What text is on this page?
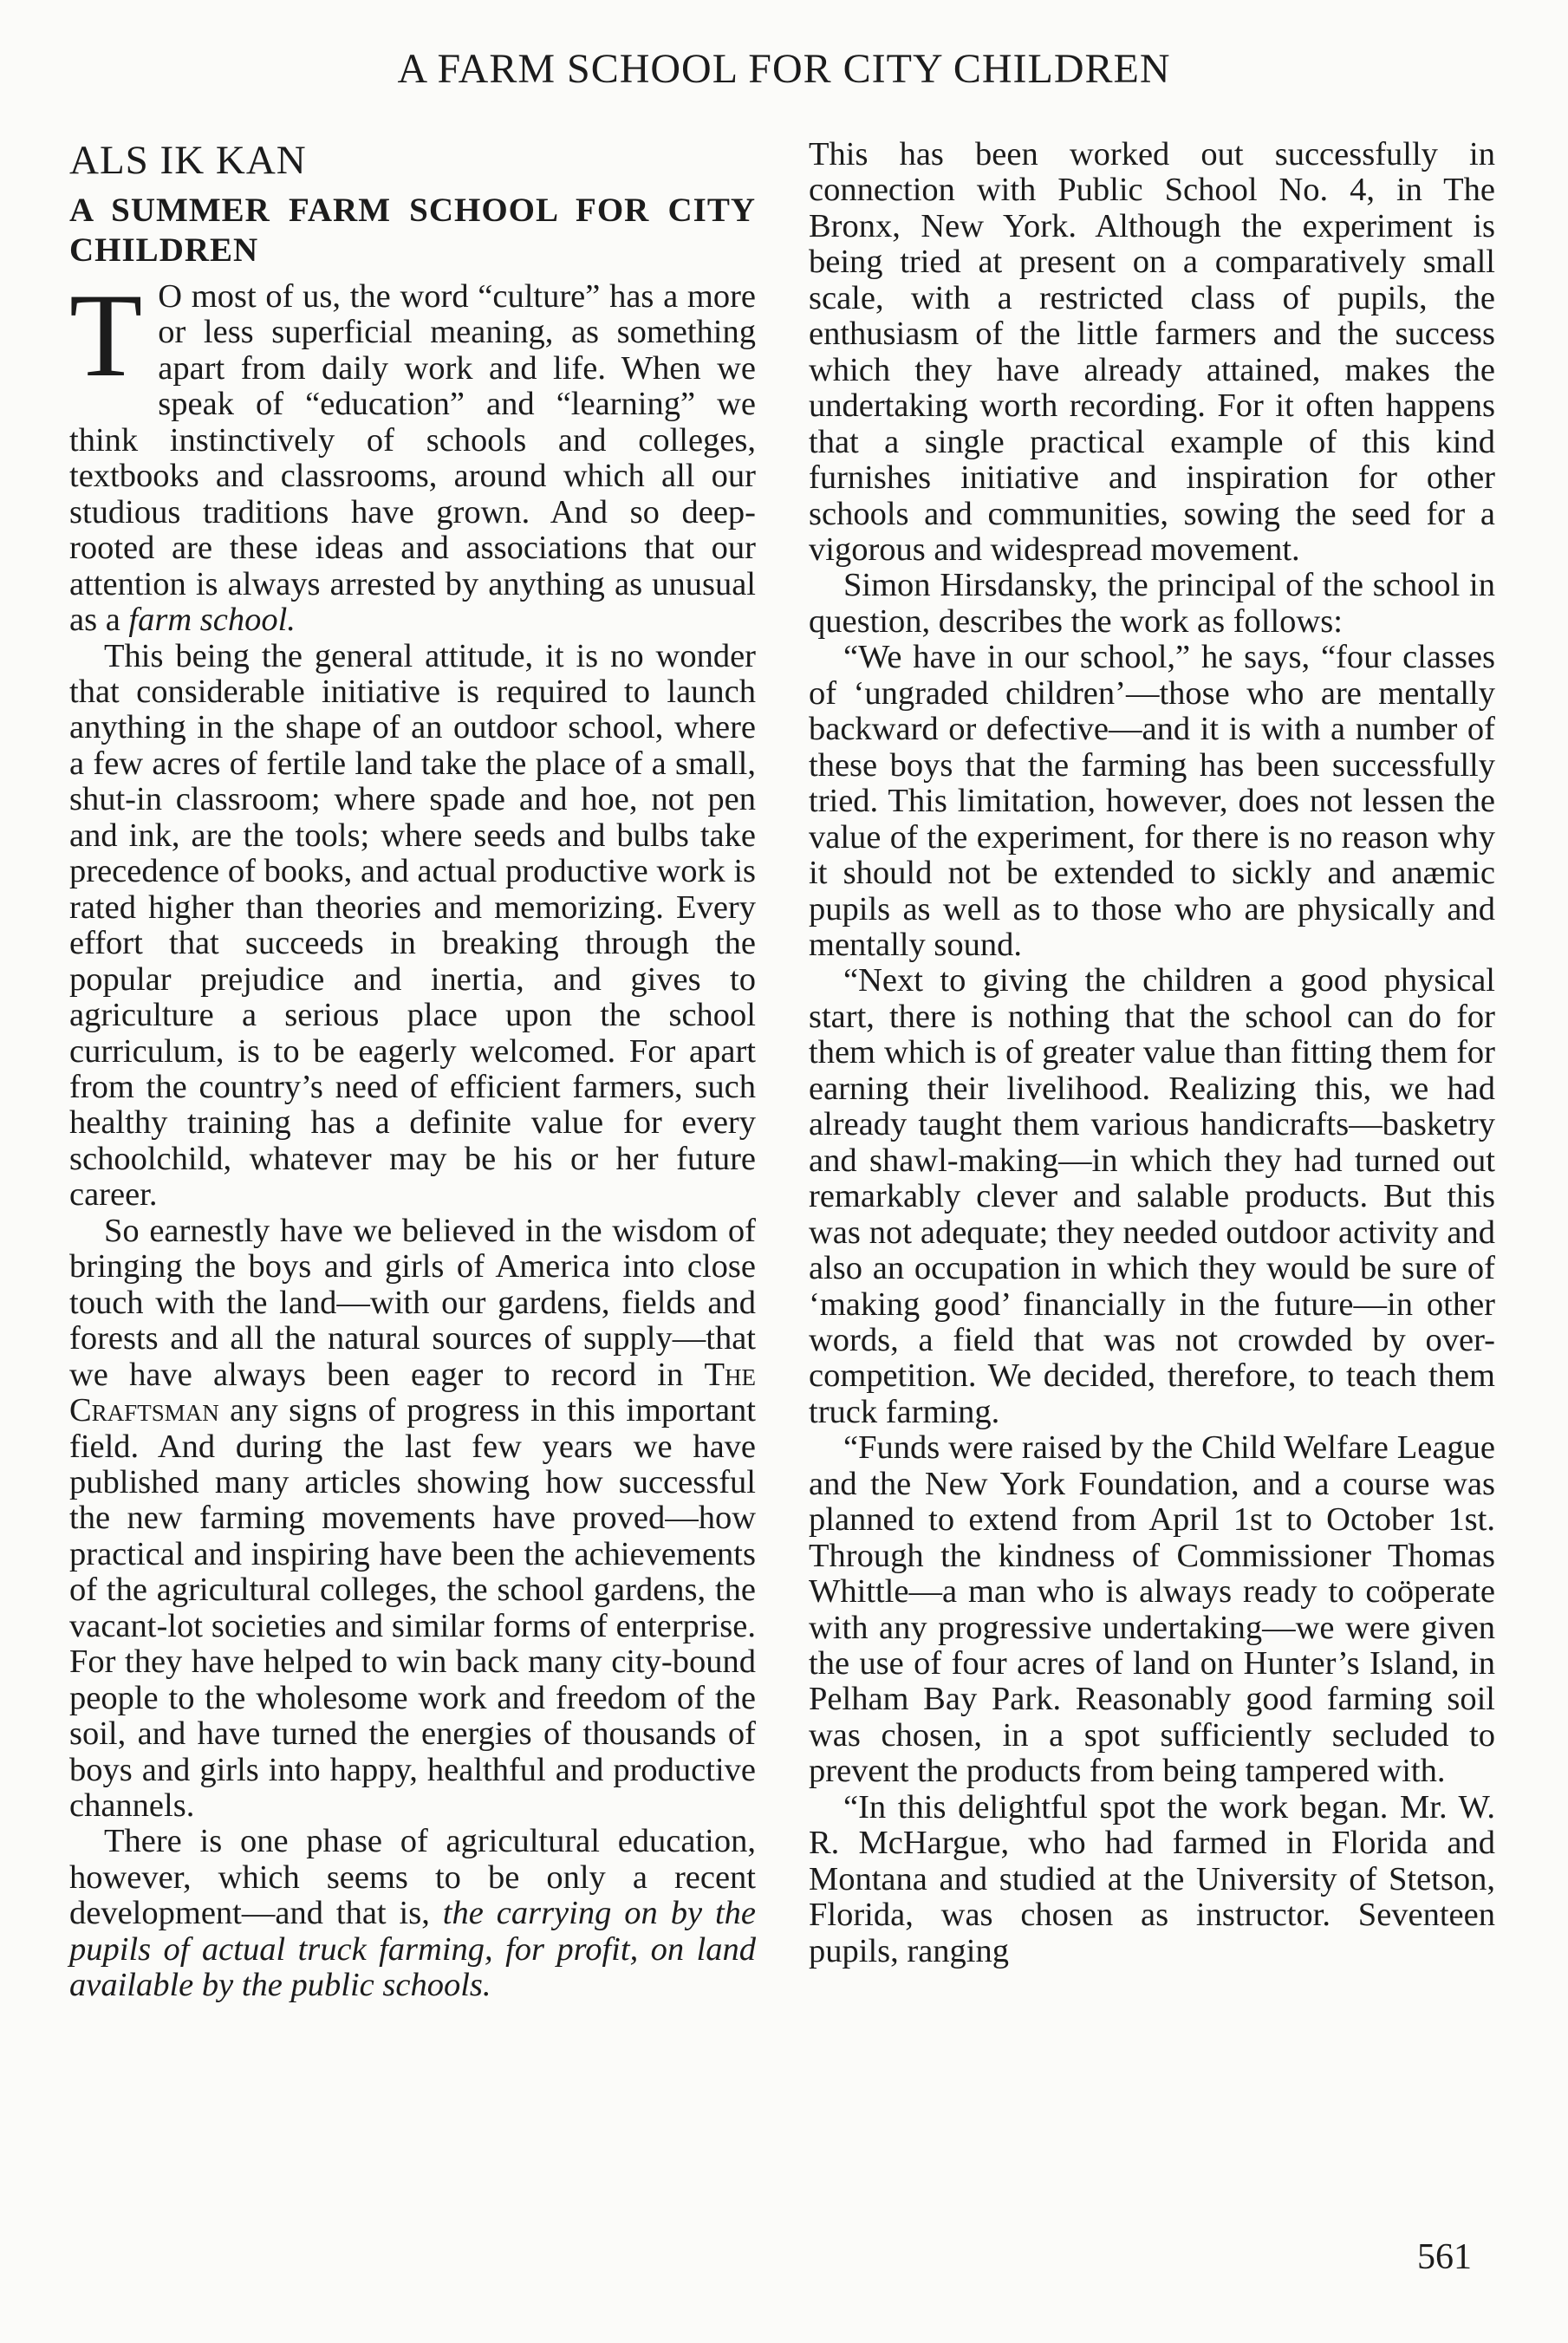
A FARM SCHOOL FOR CITY CHILDREN
ALS IK KAN
A SUMMER FARM SCHOOL FOR CITY CHILDREN

T O most of us, the word “culture” has a more or less superficial meaning, as something apart from daily work and life. When we speak of “education” and “learning” we think instinctively of schools and colleges, textbooks and classrooms, around which all our studious traditions have grown. And so deep-rooted are these ideas and associations that our attention is always arrested by anything as unusual as a farm school.

This being the general attitude, it is no wonder that considerable initiative is required to launch anything in the shape of an outdoor school, where a few acres of fertile land take the place of a small, shut-in classroom; where spade and hoe, not pen and ink, are the tools; where seeds and bulbs take precedence of books, and actual productive work is rated higher than theories and memorizing. Every effort that succeeds in breaking through the popular prejudice and inertia, and gives to agriculture a serious place upon the school curriculum, is to be eagerly welcomed. For apart from the country’s need of efficient farmers, such healthy training has a definite value for every schoolchild, whatever may be his or her future career.

So earnestly have we believed in the wisdom of bringing the boys and girls of America into close touch with the land—with our gardens, fields and forests and all the natural sources of supply—that we have always been eager to record in The Craftsman any signs of progress in this important field. And during the last few years we have published many articles showing how successful the new farming movements have proved—how practical and inspiring have been the achievements of the agricultural colleges, the school gardens, the vacant-lot societies and similar forms of enterprise. For they have helped to win back many city-bound people to the wholesome work and freedom of the soil, and have turned the energies of thousands of boys and girls into happy, healthful and productive channels.

There is one phase of agricultural education, however, which seems to be only a recent development—and that is, the carrying on by the pupils of actual truck farming, for profit, on land available by the public schools.

This has been worked out successfully in connection with Public School No. 4, in The Bronx, New York. Although the experiment is being tried at present on a comparatively small scale, with a restricted class of pupils, the enthusiasm of the little farmers and the success which they have already attained, makes the undertaking worth recording. For it often happens that a single practical example of this kind furnishes initiative and inspiration for other schools and communities, sowing the seed for a vigorous and widespread movement.

Simon Hirsdansky, the principal of the school in question, describes the work as follows:

“We have in our school,” he says, “four classes of ‘ungraded children’—those who are mentally backward or defective—and it is with a number of these boys that the farming has been successfully tried. This limitation, however, does not lessen the value of the experiment, for there is no reason why it should not be extended to sickly and anæmic pupils as well as to those who are physically and mentally sound.

“Next to giving the children a good physical start, there is nothing that the school can do for them which is of greater value than fitting them for earning their livelihood. Realizing this, we had already taught them various handicrafts—basketry and shawl-making—in which they had turned out remarkably clever and salable products. But this was not adequate; they needed outdoor activity and also an occupation in which they would be sure of ‘making good’ financially in the future—in other words, a field that was not crowded by over-competition. We decided, therefore, to teach them truck farming.

“Funds were raised by the Child Welfare League and the New York Foundation, and a course was planned to extend from April 1st to October 1st. Through the kindness of Commissioner Thomas Whittle—a man who is always ready to coöperate with any progressive undertaking—we were given the use of four acres of land on Hunter’s Island, in Pelham Bay Park. Reasonably good farming soil was chosen, in a spot sufficiently secluded to prevent the products from being tampered with.

“In this delightful spot the work began. Mr. W. R. McHargue, who had farmed in Florida and Montana and studied at the University of Stetson, Florida, was chosen as instructor. Seventeen pupils, ranging

561
